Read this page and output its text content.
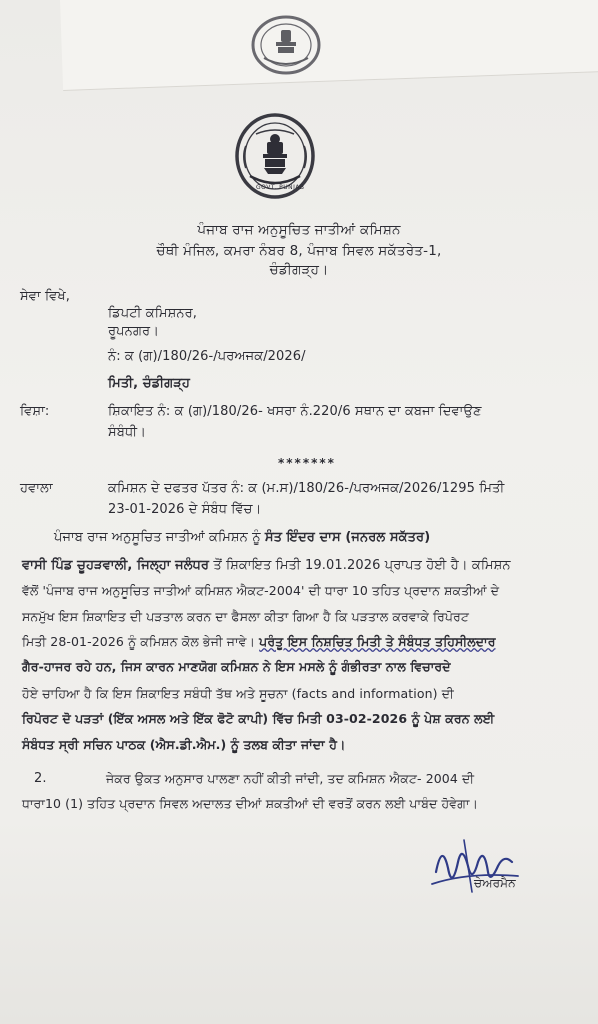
GOVT. PUNJAB
ਪੰਜਾਬ ਰਾਜ ਅਨੁਸੂਚਿਤ ਜਾਤੀਆਂ ਕਮਿਸ਼ਨ
ਚੌਥੀ ਮੰਜਿਲ, ਕਮਰਾ ਨੰਬਰ 8, ਪੰਜਾਬ ਸਿਵਲ ਸਕੱਤਰੇਤ-1,
ਚੰਡੀਗੜ੍ਹ।
ਸੇਵਾ ਵਿਖੇ,
ਡਿਪਟੀ ਕਮਿਸ਼ਨਰ,
ਰੂਪਨਗਰ।
ਨੰ: ਕ (ਗ)/180/26-/ਪਰਅਜਕ/2026/
ਮਿਤੀ, ਚੰਡੀਗੜ੍ਹ
ਵਿਸ਼ਾ:	ਸ਼ਿਕਾਇਤ ਨੰ: ਕ (ਗ)/180/26- ਖਸਰਾ ਨੰ.220/6 ਸਥਾਨ ਦਾ ਕਬਜਾ ਦਿਵਾਉਣ
ਸੰਬੰਧੀ।
*******
ਹਵਾਲਾ	ਕਮਿਸ਼ਨ ਦੇ ਦਫਤਰ ਪੱਤਰ ਨੰ: ਕ (ਮ.ਸ)/180/26-/ਪਰਅਜਕ/2026/1295 ਮਿਤੀ
23-01-2026 ਦੇ ਸੰਬੰਧ ਵਿੱਚ।
ਪੰਜਾਬ ਰਾਜ ਅਨੁਸੂਚਿਤ ਜਾਤੀਆਂ ਕਮਿਸ਼ਨ ਨੂੰ ਸੰਤ ਇੰਦਰ ਦਾਸ (ਜਨਰਲ ਸਕੱਤਰ)
ਵਾਸੀ ਪਿੰਡ ਚੂਹੜਵਾਲੀ, ਜਿਲ੍ਹਾ ਜਲੰਧਰ ਤੋਂ ਸ਼ਿਕਾਇਤ ਮਿਤੀ 19.01.2026 ਪ੍ਰਾਪਤ ਹੋਈ ਹੈ। ਕਮਿਸ਼ਨ
ਵੱਲੋਂ 'ਪੰਜਾਬ ਰਾਜ ਅਨੁਸੂਚਿਤ ਜਾਤੀਆਂ ਕਮਿਸ਼ਨ ਐਕਟ-2004' ਦੀ ਧਾਰਾ 10 ਤਹਿਤ ਪ੍ਰਦਾਨ ਸ਼ਕਤੀਆਂ ਦੇ
ਸਨਮੁੱਖ ਇਸ ਸ਼ਿਕਾਇਤ ਦੀ ਪੜਤਾਲ ਕਰਨ ਦਾ ਫੈਸਲਾ ਕੀਤਾ ਗਿਆ ਹੈ ਕਿ ਪੜਤਾਲ ਕਰਵਾਕੇ ਰਿਪੋਰਟ
ਮਿਤੀ 28-01-2026 ਨੂੰ ਕਮਿਸ਼ਨ ਕੋਲ ਭੇਜੀ ਜਾਵੇ। ਪਰੰਤੂ ਇਸ ਨਿਸ਼ਚਿਤ ਮਿਤੀ ਤੇ ਸੰਬੰਧਤ ਤਹਿਸੀਲਦਾਰ
ਗੈਰ-ਹਾਜਰ ਰਹੇ ਹਨ, ਜਿਸ ਕਾਰਨ ਮਾਣਯੋਗ ਕਮਿਸ਼ਨ ਨੇ ਇਸ ਮਸਲੇ ਨੂੰ ਗੰਭੀਰਤਾ ਨਾਲ ਵਿਚਾਰਦੇ
ਹੋਏ ਚਾਹਿਆ ਹੈ ਕਿ ਇਸ ਸ਼ਿਕਾਇਤ ਸਬੰਧੀ ਤੱਥ ਅਤੇ ਸੂਚਨਾ (facts and information) ਦੀ
ਰਿਪੋਰਟ ਦੋ ਪੜਤਾਂ (ਇੱਕ ਅਸਲ ਅਤੇ ਇੱਕ ਫੋਟੋ ਕਾਪੀ) ਵਿੱਚ ਮਿਤੀ 03-02-2026 ਨੂੰ ਪੇਸ਼ ਕਰਨ ਲਈ
ਸੰਬੰਧਤ ਸ੍ਰੀ ਸਚਿਨ ਪਾਠਕ (ਐਸ.ਡੀ.ਐਮ.) ਨੂੰ ਤਲਬ ਕੀਤਾ ਜਾਂਦਾ ਹੈ।
2.	ਜੇਕਰ ਉਕਤ ਅਨੁਸਾਰ ਪਾਲਣਾ ਨਹੀਂ ਕੀਤੀ ਜਾਂਦੀ, ਤਦ ਕਮਿਸ਼ਨ ਐਕਟ- 2004 ਦੀ
ਧਾਰਾ10 (1) ਤਹਿਤ ਪ੍ਰਦਾਨ ਸਿਵਲ ਅਦਾਲਤ ਦੀਆਂ ਸ਼ਕਤੀਆਂ ਦੀ ਵਰਤੋਂ ਕਰਨ ਲਈ ਪਾਬੰਦ ਹੋਵੇਗਾ।
ਚੇਅਰਮੈਨ
